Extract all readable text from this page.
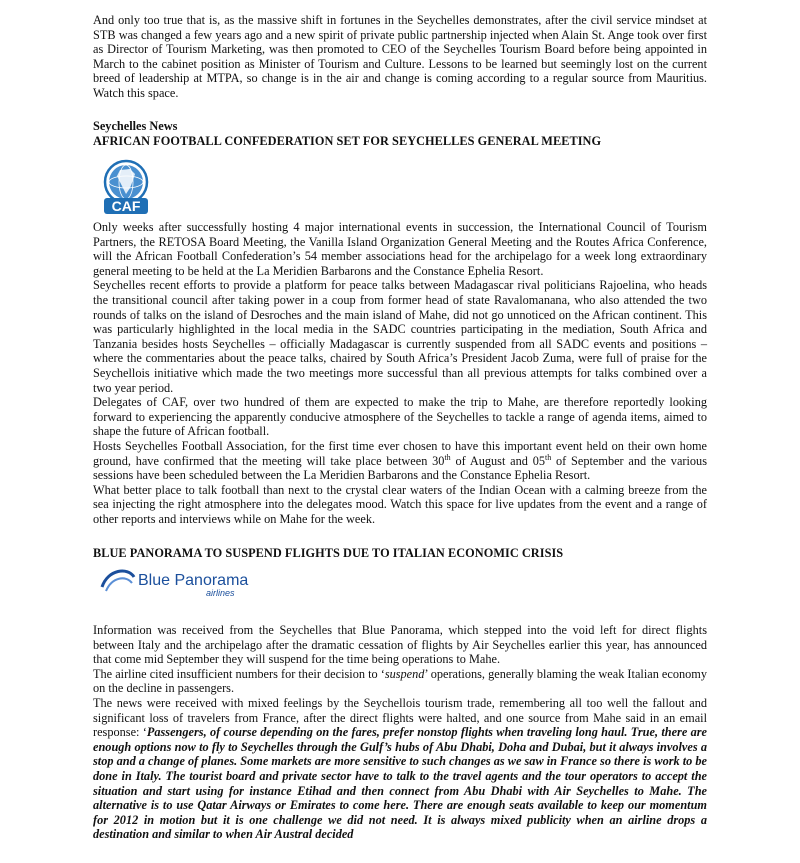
And only too true that is, as the massive shift in fortunes in the Seychelles demonstrates, after the civil service mindset at STB was changed a few years ago and a new spirit of private public partnership injected when Alain St. Ange took over first as Director of Tourism Marketing, was then promoted to CEO of the Seychelles Tourism Board before being appointed in March to the cabinet position as Minister of Tourism and Culture. Lessons to be learned but seemingly lost on the current breed of leadership at MTPA, so change is in the air and change is coming according to a regular source from Mauritius. Watch this space.

Seychelles News
AFRICAN FOOTBALL CONFEDERATION SET FOR SEYCHELLES GENERAL MEETING
CAF

Only weeks after successfully hosting 4 major international events in succession, the International Council of Tourism Partners, the RETOSA Board Meeting, the Vanilla Island Organization General Meeting and the Routes Africa Conference, will the African Football Confederation’s 54 member associations head for the archipelago for a week long extraordinary general meeting to be held at the La Meridien Barbarons and the Constance Ephelia Resort.

Seychelles recent efforts to provide a platform for peace talks between Madagascar rival politicians Rajoelina, who heads the transitional council after taking power in a coup from former head of state Ravalomanana, who also attended the two rounds of talks on the island of Desroches and the main island of Mahe, did not go unnoticed on the African continent. This was particularly highlighted in the local media in the SADC countries participating in the mediation, South Africa and Tanzania besides hosts Seychelles – officially Madagascar is currently suspended from all SADC events and positions – where the commentaries about the peace talks, chaired by South Africa’s President Jacob Zuma, were full of praise for the Seychellois initiative which made the two meetings more successful than all previous attempts for talks combined over a two year period.

Delegates of CAF, over two hundred of them are expected to make the trip to Mahe, are therefore reportedly looking forward to experiencing the apparently conducive atmosphere of the Seychelles to tackle a range of agenda items, aimed to shape the future of African football.

Hosts Seychelles Football Association, for the first time ever chosen to have this important event held on their own home ground, have confirmed that the meeting will take place between 30th of August and 05th of September and the various sessions have been scheduled between the La Meridien Barbarons and the Constance Ephelia Resort.

What better place to talk football than next to the crystal clear waters of the Indian Ocean with a calming breeze from the sea injecting the right atmosphere into the delegates mood. Watch this space for live updates from the event and a range of other reports and interviews while on Mahe for the week.

BLUE PANORAMA TO SUSPEND FLIGHTS DUE TO ITALIAN ECONOMIC CRISIS
Blue Panorama
airlines

Information was received from the Seychelles that Blue Panorama, which stepped into the void left for direct flights between Italy and the archipelago after the dramatic cessation of flights by Air Seychelles earlier this year, has announced that come mid September they will suspend for the time being operations to Mahe.

The airline cited insufficient numbers for their decision to ‘suspend’ operations, generally blaming the weak Italian economy on the decline in passengers.

The news were received with mixed feelings by the Seychellois tourism trade, remembering all too well the fallout and significant loss of travelers from France, after the direct flights were halted, and one source from Mahe said in an email response: ‘Passengers, of course depending on the fares, prefer nonstop flights when traveling long haul. True, there are enough options now to fly to Seychelles through the Gulf’s hubs of Abu Dhabi, Doha and Dubai, but it always involves a stop and a change of planes. Some markets are more sensitive to such changes as we saw in France so there is work to be done in Italy. The tourist board and private sector have to talk to the travel agents and the tour operators to accept the situation and start using for instance Etihad and then connect from Abu Dhabi with Air Seychelles to Mahe. The alternative is to use Qatar Airways or Emirates to come here. There are enough seats available to keep our momentum for 2012 in motion but it is one challenge we did not need. It is always mixed publicity when an airline drops a destination and similar to when Air Austral decided
